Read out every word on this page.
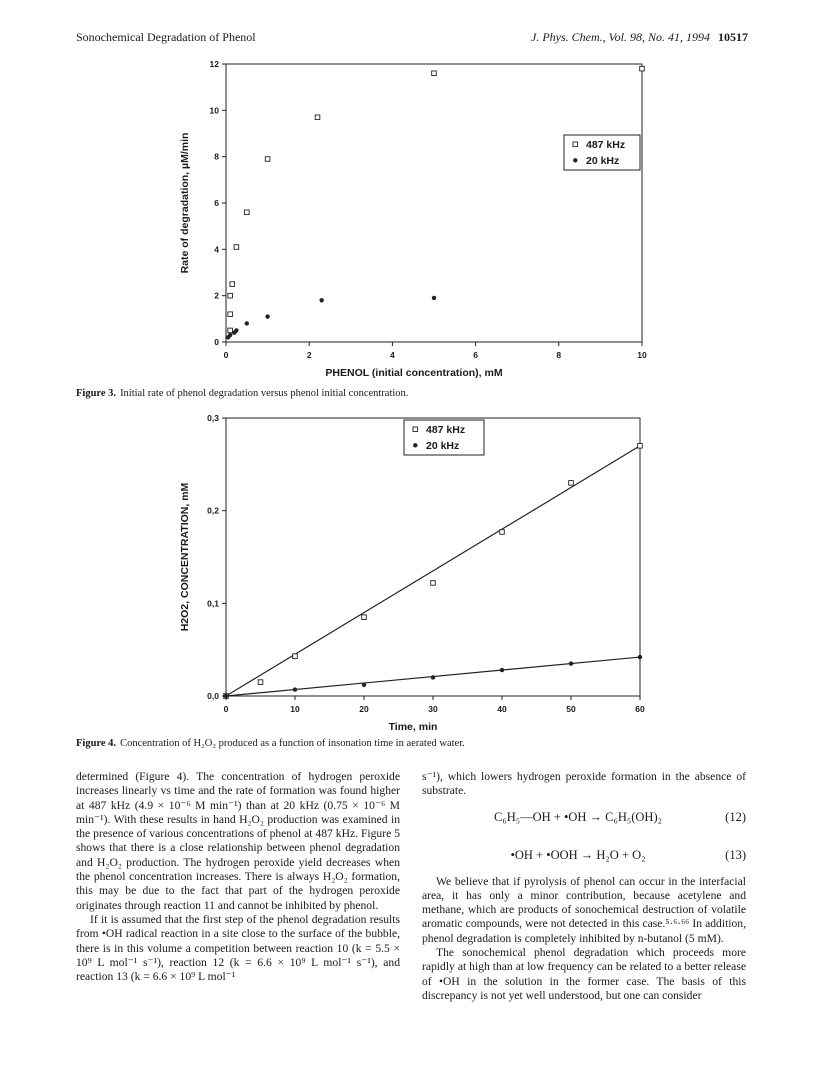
Sonochemical Degradation of Phenol	J. Phys. Chem., Vol. 98, No. 41, 1994 10517
0	2	4	6	8	10
0
2
4
6
8
10
12
PHENOL (initial concentration), mM
Rate of degradation, µM/min	487 kHz
20 kHz
Figure 3. Initial rate of phenol degradation versus phenol initial concentration.
0	10	20	30	40	50	60
0,0
0,1
0,2
0,3
Time, min
H2O2, CONCENTRATION, mM
487 kHz
20 kHz
Figure 4. Concentration of H₂O₂ produced as a function of insonation time in aerated water.

determined (Figure 4). The concentration of hydrogen peroxide increases linearly vs time and the rate of formation was found higher at 487 kHz (4.9 × 10⁻⁶ M min⁻¹) than at 20 kHz (0.75 × 10⁻⁶ M min⁻¹). With these results in hand H₂O₂ production was examined in the presence of various concentrations of phenol at 487 kHz. Figure 5 shows that there is a close relationship between phenol degradation and H₂O₂ production. The hydrogen peroxide yield decreases when the phenol concentration increases. There is always H₂O₂ formation, this may be due to the fact that part of the hydrogen peroxide originates through reaction 11 and cannot be inhibited by phenol.

If it is assumed that the first step of the phenol degradation results from •OH radical reaction in a site close to the surface of the bubble, there is in this volume a competition between reaction 10 (k = 5.5 × 10⁹ L mol⁻¹ s⁻¹), reaction 12 (k = 6.6 × 10⁹ L mol⁻¹ s⁻¹), and reaction 13 (k = 6.6 × 10⁹ L mol⁻¹

s⁻¹), which lowers hydrogen peroxide formation in the absence of substrate.

C₆H₅—OH + •OH → C₆H₅(OH)₂	(12)
•OH + •OOH → H₂O + O₂	(13)

We believe that if pyrolysis of phenol can occur in the interfacial area, it has only a minor contribution, because acetylene and methane, which are products of sonochemical destruction of volatile aromatic compounds, were not detected in this case.⁵·⁶·⁶⁶ In addition, phenol degradation is completely inhibited by n-butanol (5 mM).

The sonochemical phenol degradation which proceeds more rapidly at high than at low frequency can be related to a better release of •OH in the solution in the former case. The basis of this discrepancy is not yet well understood, but one can consider
